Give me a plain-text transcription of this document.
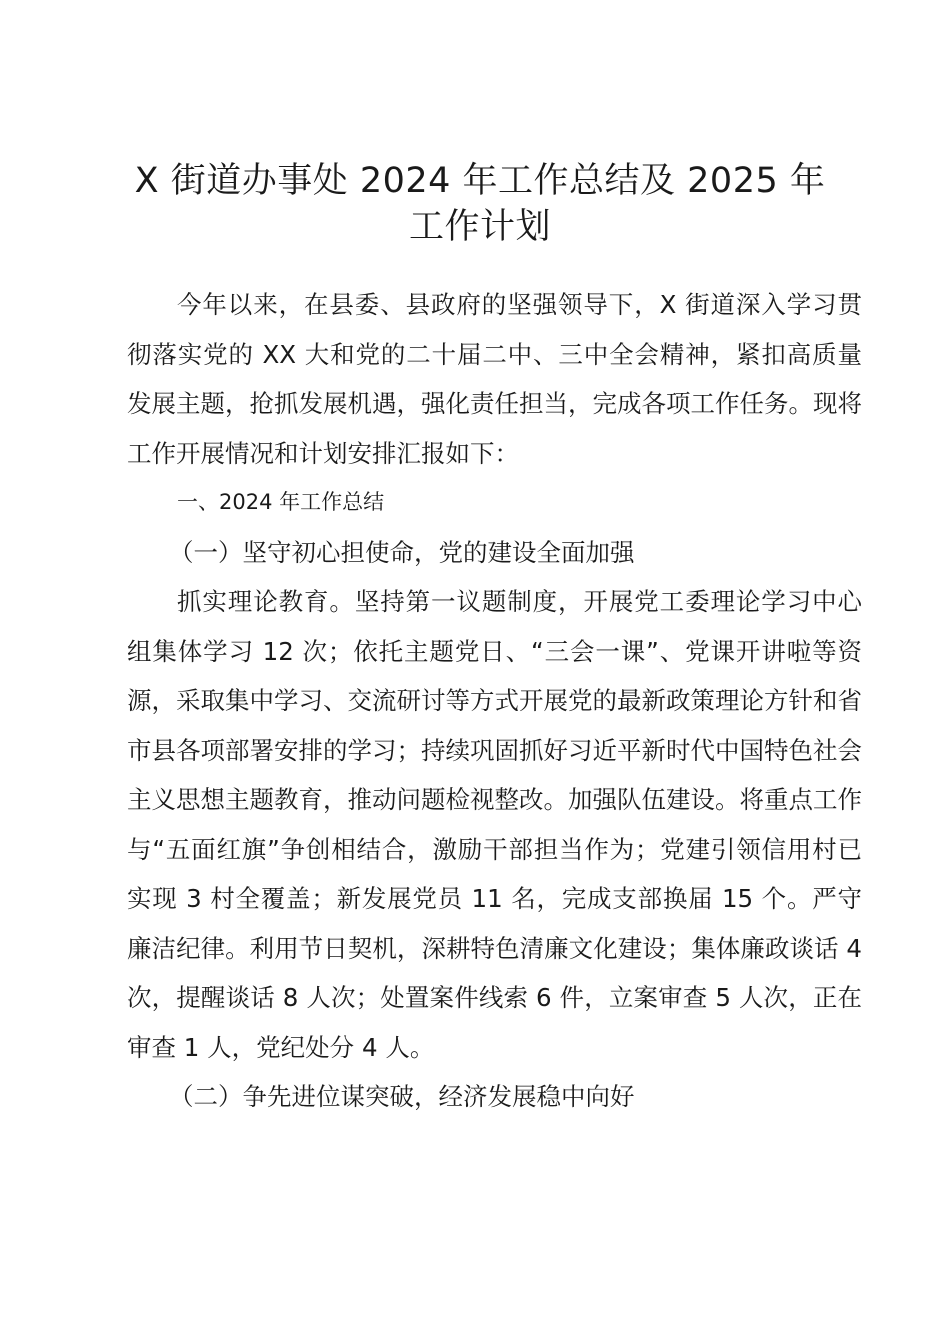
X 街道办事处 2024 年工作总结及 2025 年工作计划

今年以来，在县委、县政府的坚强领导下，X 街道深入学习贯彻落实党的 XX 大和党的二十届二中、三中全会精神，紧扣高质量发展主题，抢抓发展机遇，强化责任担当，完成各项工作任务。现将工作开展情况和计划安排汇报如下：

一、2024 年工作总结

（一）坚守初心担使命，党的建设全面加强

抓实理论教育。坚持第一议题制度，开展党工委理论学习中心组集体学习 12 次；依托主题党日、“三会一课”、党课开讲啦等资源，采取集中学习、交流研讨等方式开展党的最新政策理论方针和省市县各项部署安排的学习；持续巩固抓好习近平新时代中国特色社会主义思想主题教育，推动问题检视整改。加强队伍建设。将重点工作与“五面红旗”争创相结合，激励干部担当作为；党建引领信用村已实现 3 村全覆盖；新发展党员 11 名，完成支部换届 15 个。严守廉洁纪律。利用节日契机，深耕特色清廉文化建设；集体廉政谈话 4 次，提醒谈话 8 人次；处置案件线索 6 件，立案审查 5 人次，正在审查 1 人，党纪处分 4 人。

（二）争先进位谋突破，经济发展稳中向好
